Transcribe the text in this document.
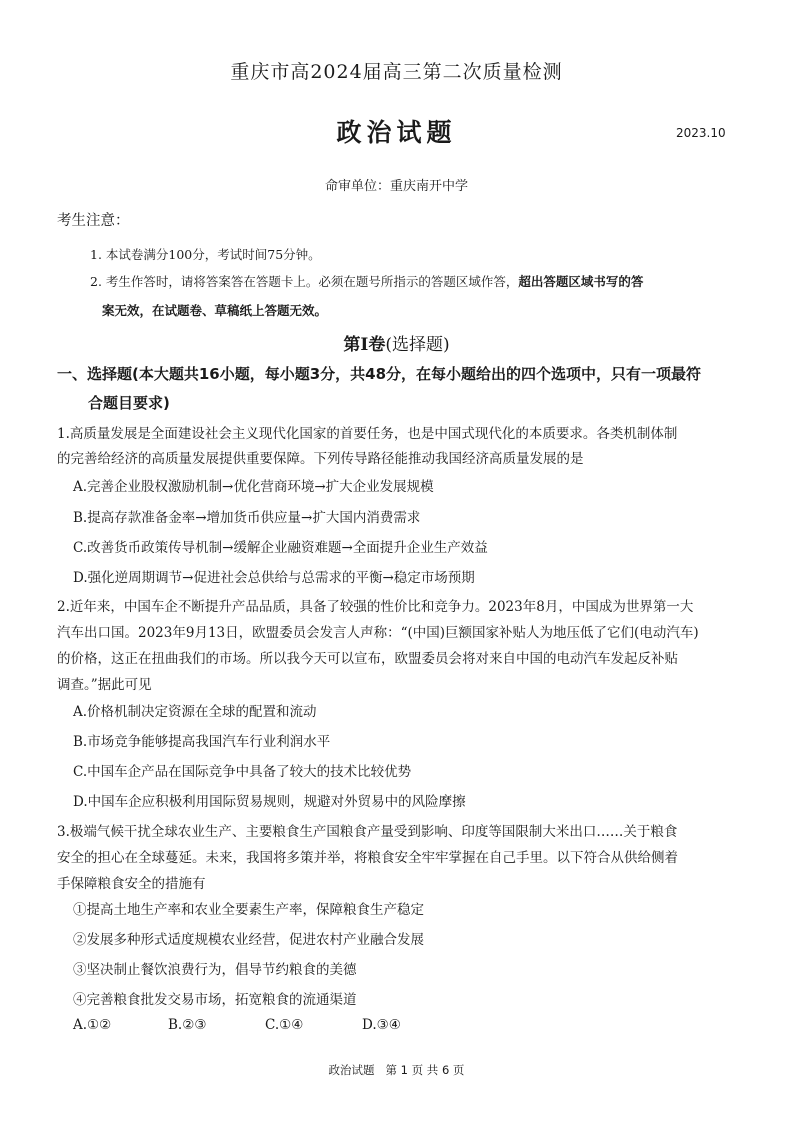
重庆市高2024届高三第二次质量检测
政治试题	2023.10
命审单位：重庆南开中学
考生注意：
1. 本试卷满分100分，考试时间75分钟。
2. 考生作答时，请将答案答在答题卡上。必须在题号所指示的答题区域作答，超出答题区域书写的答
案无效，在试题卷、草稿纸上答题无效。
第Ⅰ卷(选择题)
一、选择题(本大题共16小题，每小题3分，共48分，在每小题给出的四个选项中，只有一项最符
合题目要求)
1.高质量发展是全面建设社会主义现代化国家的首要任务，也是中国式现代化的本质要求。各类机制体制
的完善给经济的高质量发展提供重要保障。下列传导路径能推动我国经济高质量发展的是
A.完善企业股权激励机制→优化营商环境→扩大企业发展规模
B.提高存款准备金率→增加货币供应量→扩大国内消费需求
C.改善货币政策传导机制→缓解企业融资难题→全面提升企业生产效益
D.强化逆周期调节→促进社会总供给与总需求的平衡→稳定市场预期
2.近年来，中国车企不断提升产品品质，具备了较强的性价比和竞争力。2023年8月，中国成为世界第一大
汽车出口国。2023年9月13日，欧盟委员会发言人声称：“(中国)巨额国家补贴人为地压低了它们(电动汽车)
的价格，这正在扭曲我们的市场。所以我今天可以宣布，欧盟委员会将对来自中国的电动汽车发起反补贴
调查。”据此可见
A.价格机制决定资源在全球的配置和流动
B.市场竞争能够提高我国汽车行业利润水平
C.中国车企产品在国际竞争中具备了较大的技术比较优势
D.中国车企应积极利用国际贸易规则，规避对外贸易中的风险摩擦
3.极端气候干扰全球农业生产、主要粮食生产国粮食产量受到影响、印度等国限制大米出口……关于粮食
安全的担心在全球蔓延。未来，我国将多策并举，将粮食安全牢牢掌握在自己手里。以下符合从供给侧着
手保障粮食安全的措施有
①提高土地生产率和农业全要素生产率，保障粮食生产稳定
②发展多种形式适度规模农业经营，促进农村产业融合发展
③坚决制止餐饮浪费行为，倡导节约粮食的美德
④完善粮食批发交易市场，拓宽粮食的流通渠道
A.①②	B.②③	C.①④	D.③④
政治试题   第 1 页 共 6 页
